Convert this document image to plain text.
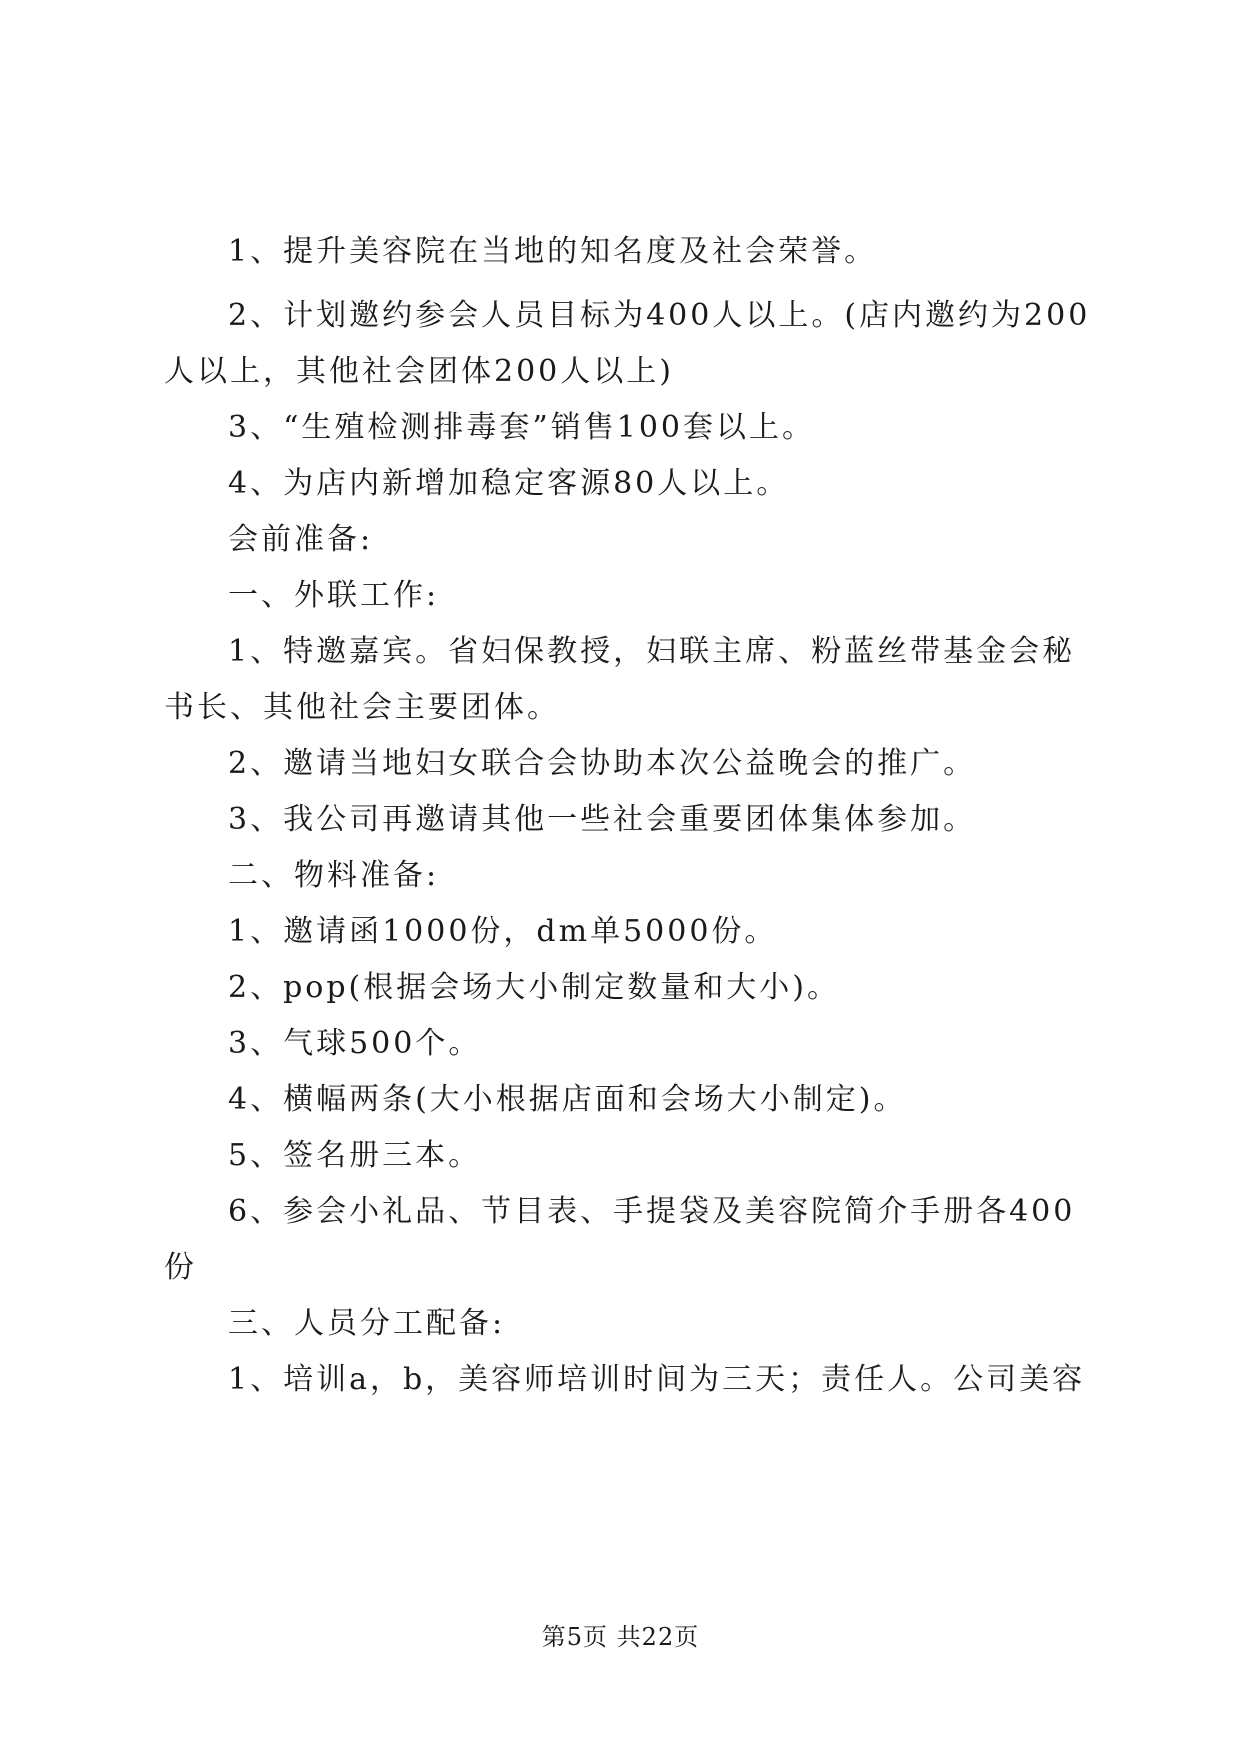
1、提升美容院在当地的知名度及社会荣誉。
2、计划邀约参会人员目标为400人以上。(店内邀约为200
人以上，其他社会团体200人以上)
3、“生殖检测排毒套”销售100套以上。
4、为店内新增加稳定客源80人以上。
会前准备:
一、外联工作:
1、特邀嘉宾。省妇保教授，妇联主席、粉蓝丝带基金会秘
书长、其他社会主要团体。
2、邀请当地妇女联合会协助本次公益晚会的推广。
3、我公司再邀请其他一些社会重要团体集体参加。
二、物料准备:
1、邀请函1000份，dm单5000份。
2、pop(根据会场大小制定数量和大小)。
3、气球500个。
4、横幅两条(大小根据店面和会场大小制定)。
5、签名册三本。
6、参会小礼品、节目表、手提袋及美容院简介手册各400
份
三、人员分工配备:
1、培训a，b，美容师培训时间为三天；责任人。公司美容
第5页 共22页
